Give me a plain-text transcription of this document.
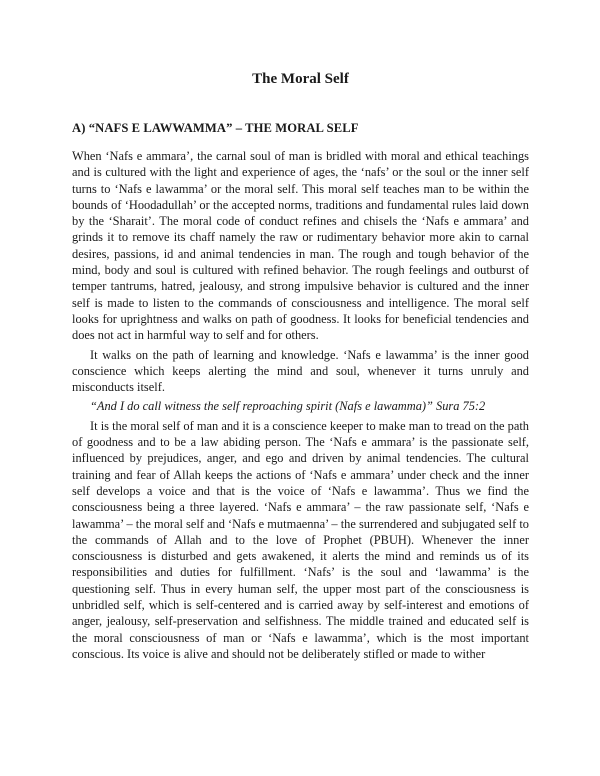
The Moral Self
A) “NAFS E LAWWAMMA” – THE MORAL SELF

When ‘Nafs e ammara’, the carnal soul of man is bridled with moral and ethical teachings and is cultured with the light and experience of ages, the ‘nafs’ or the soul or the inner self turns to ‘Nafs e lawamma’ or the moral self. This moral self teaches man to be within the bounds of ‘Hoodadullah’ or the accepted norms, traditions and fundamental rules laid down by the ‘Sharait’. The moral code of conduct refines and chisels the ‘Nafs e ammara’ and grinds it to remove its chaff namely the raw or rudimentary behavior more akin to carnal desires, passions, id and animal tendencies in man. The rough and tough behavior of the mind, body and soul is cultured with refined behavior. The rough feelings and outburst of temper tantrums, hatred, jealousy, and strong impulsive behavior is cultured and the inner self is made to listen to the commands of consciousness and intelligence. The moral self looks for uprightness and walks on path of goodness. It looks for beneficial tendencies and does not act in harmful way to self and for others.

It walks on the path of learning and knowledge. ‘Nafs e lawamma’ is the inner good conscience which keeps alerting the mind and soul, whenever it turns unruly and misconducts itself.

“And I do call witness the self reproaching spirit (Nafs e lawamma)” Sura 75:2

It is the moral self of man and it is a conscience keeper to make man to tread on the path of goodness and to be a law abiding person. The ‘Nafs e ammara’ is the passionate self, influenced by prejudices, anger, and ego and driven by animal tendencies. The cultural training and fear of Allah keeps the actions of ‘Nafs e ammara’ under check and the inner self develops a voice and that is the voice of ‘Nafs e lawamma’. Thus we find the consciousness being a three layered. ‘Nafs e ammara’ – the raw passionate self, ‘Nafs e lawamma’ – the moral self and ‘Nafs e mutmaenna’ – the surrendered and subjugated self to the commands of Allah and to the love of Prophet (PBUH). Whenever the inner consciousness is disturbed and gets awakened, it alerts the mind and reminds us of its responsibilities and duties for fulfillment. ‘Nafs’ is the soul and ‘lawamma’ is the questioning self. Thus in every human self, the upper most part of the consciousness is unbridled self, which is self-centered and is carried away by self-interest and emotions of anger, jealousy, self-preservation and selfishness. The middle trained and educated self is the moral consciousness of man or ‘Nafs e lawamma’, which is the most important conscious. Its voice is alive and should not be deliberately stifled or made to wither
